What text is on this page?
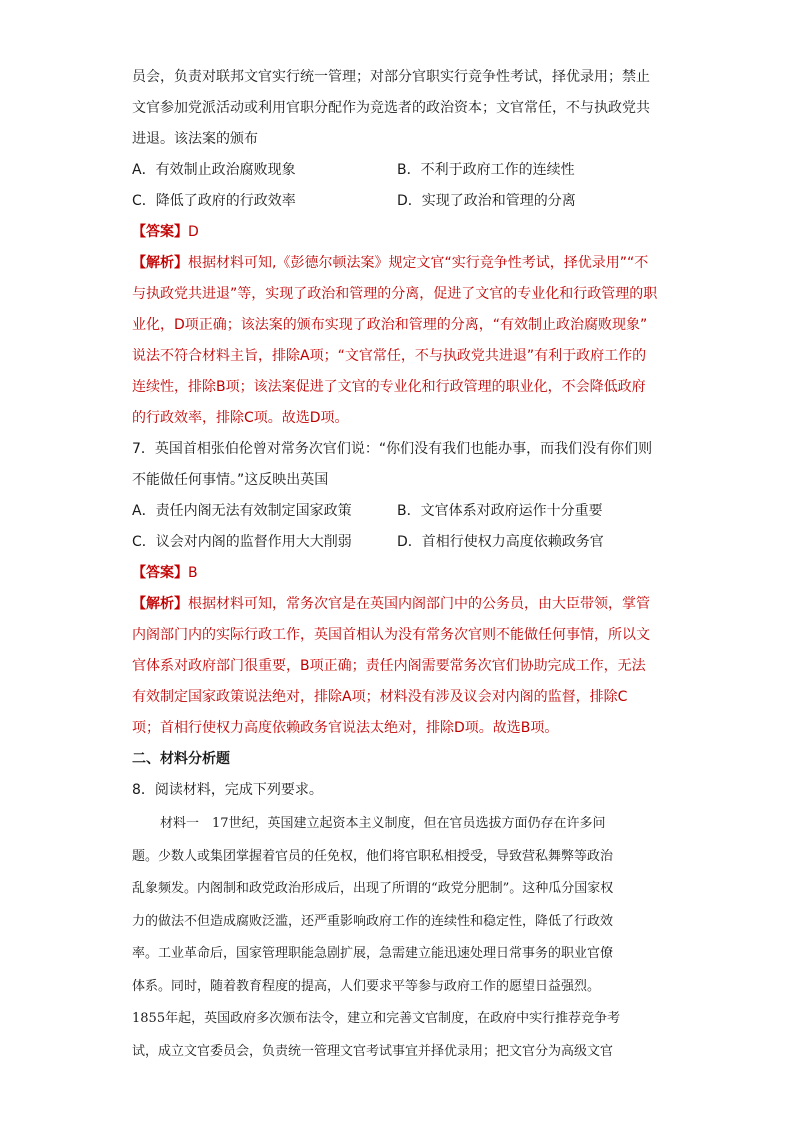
员会，负责对联邦文官实行统一管理；对部分官职实行竞争性考试，择优录用；禁止
文官参加党派活动或利用官职分配作为竞选者的政治资本；文官常任，不与执政党共
进退。该法案的颁布
A．有效制止政治腐败现象	B．不利于政府工作的连续性
C．降低了政府的行政效率	D．实现了政治和管理的分离
【答案】D
【解析】根据材料可知,《彭德尔顿法案》规定文官“实行竞争性考试，择优录用”“不
与执政党共进退”等，实现了政治和管理的分离，促进了文官的专业化和行政管理的职
业化，D项正确；该法案的颁布实现了政治和管理的分离，“有效制止政治腐败现象”
说法不符合材料主旨，排除A项；“文官常任，不与执政党共进退”有利于政府工作的
连续性，排除B项；该法案促进了文官的专业化和行政管理的职业化，不会降低政府
的行政效率，排除C项。故选D项。
7．英国首相张伯伦曾对常务次官们说：“你们没有我们也能办事，而我们没有你们则
不能做任何事情。”这反映出英国
A．责任内阁无法有效制定国家政策	B．文官体系对政府运作十分重要
C．议会对内阁的监督作用大大削弱	D．首相行使权力高度依赖政务官
【答案】B
【解析】根据材料可知，常务次官是在英国内阁部门中的公务员，由大臣带领，掌管
内阁部门内的实际行政工作，英国首相认为没有常务次官则不能做任何事情，所以文
官体系对政府部门很重要，B项正确；责任内阁需要常务次官们协助完成工作，无法
有效制定国家政策说法绝对，排除A项；材料没有涉及议会对内阁的监督，排除C
项；首相行使权力高度依赖政务官说法太绝对，排除D项。故选B项。
二、材料分析题
8．阅读材料，完成下列要求。
材料一　17世纪，英国建立起资本主义制度，但在官员选拔方面仍存在许多问
题。少数人或集团掌握着官员的任免权，他们将官职私相授受，导致营私舞弊等政治
乱象频发。内阁制和政党政治形成后，出现了所谓的“政党分肥制”。这种瓜分国家权
力的做法不但造成腐败泛滥，还严重影响政府工作的连续性和稳定性，降低了行政效
率。工业革命后，国家管理职能急剧扩展，急需建立能迅速处理日常事务的职业官僚
体系。同时，随着教育程度的提高，人们要求平等参与政府工作的愿望日益强烈。
1855年起，英国政府多次颁布法令，建立和完善文官制度，在政府中实行推荐竞争考
试，成立文官委员会，负责统一管理文官考试事宜并择优录用；把文官分为高级文官
